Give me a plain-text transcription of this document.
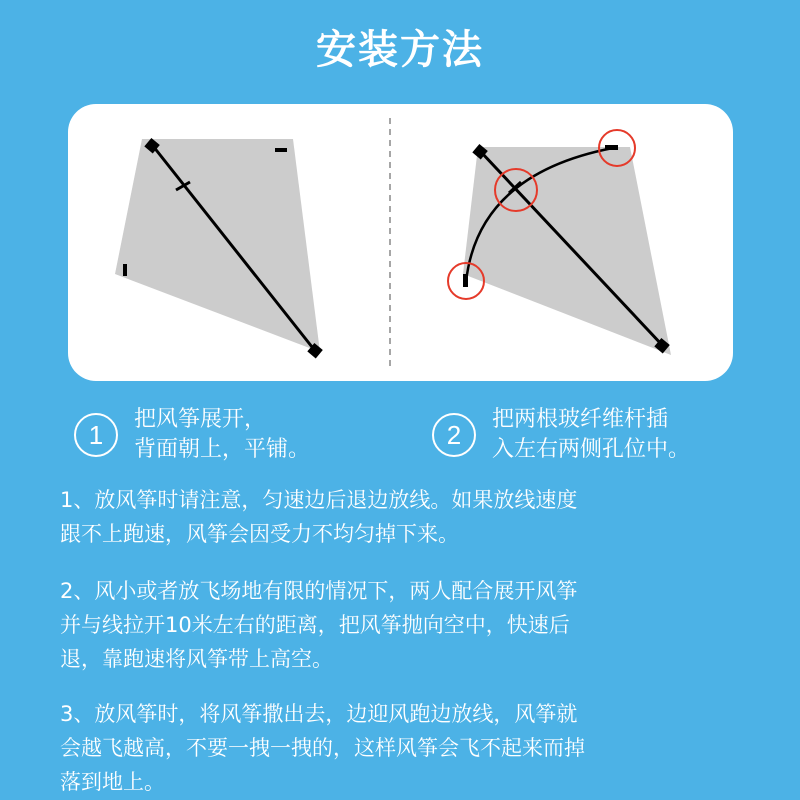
安装方法
1
把风筝展开，
背面朝上，平铺。	2
把两根玻纤维杆插
入左右两侧孔位中。
1、放风筝时请注意，匀速边后退边放线。如果放线速度
跟不上跑速，风筝会因受力不均匀掉下来。
2、风小或者放飞场地有限的情况下，两人配合展开风筝
并与线拉开10米左右的距离，把风筝抛向空中，快速后
退，靠跑速将风筝带上高空。
3、放风筝时，将风筝撒出去，边迎风跑边放线，风筝就
会越飞越高，不要一拽一拽的，这样风筝会飞不起来而掉
落到地上。
